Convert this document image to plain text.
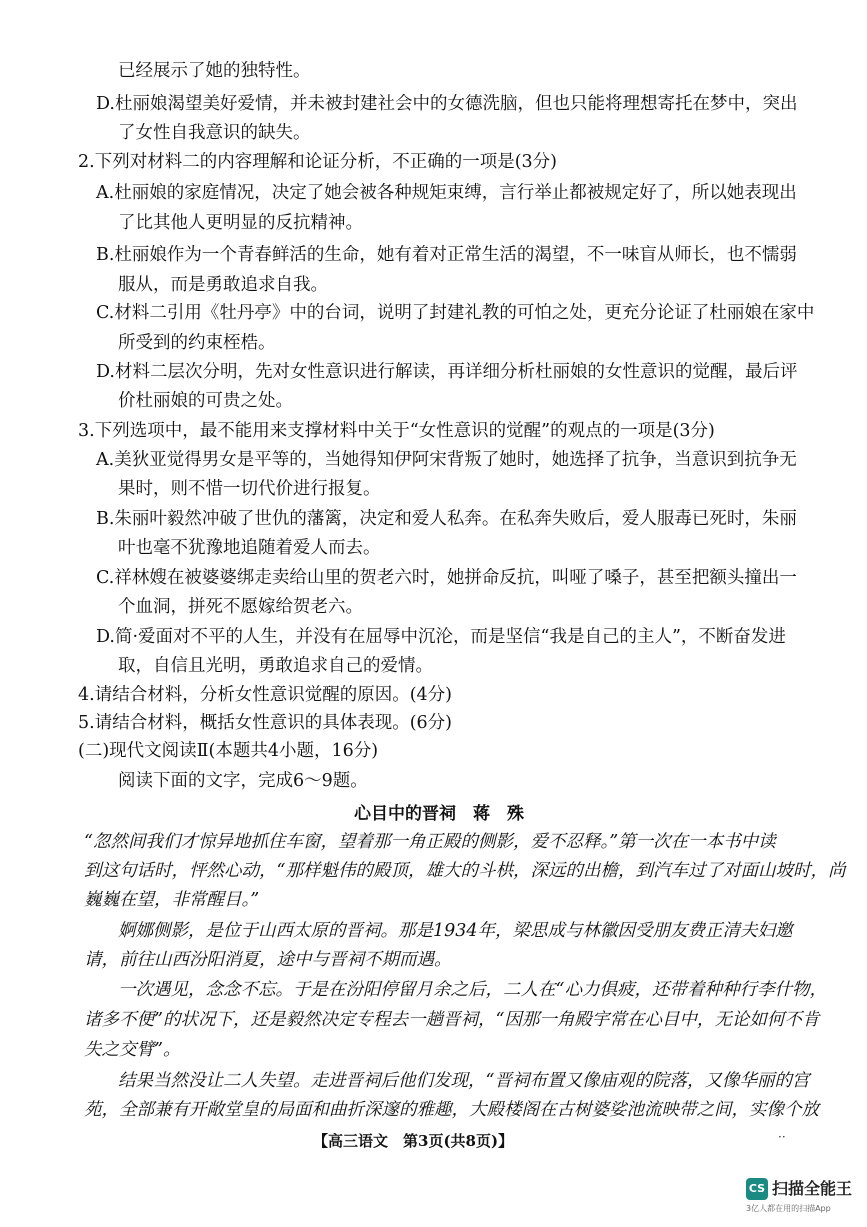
已经展示了她的独特性。
D.杜丽娘渴望美好爱情，并未被封建社会中的女德洗脑，但也只能将理想寄托在梦中，突出
了女性自我意识的缺失。
2.下列对材料二的内容理解和论证分析，不正确的一项是(3分)
A.杜丽娘的家庭情况，决定了她会被各种规矩束缚，言行举止都被规定好了，所以她表现出
了比其他人更明显的反抗精神。
B.杜丽娘作为一个青春鲜活的生命，她有着对正常生活的渴望，不一味盲从师长，也不懦弱
服从，而是勇敢追求自我。
C.材料二引用《牡丹亭》中的台词，说明了封建礼教的可怕之处，更充分论证了杜丽娘在家中
所受到的约束桎梏。
D.材料二层次分明，先对女性意识进行解读，再详细分析杜丽娘的女性意识的觉醒，最后评
价杜丽娘的可贵之处。
3.下列选项中，最不能用来支撑材料中关于“女性意识的觉醒”的观点的一项是(3分)
A.美狄亚觉得男女是平等的，当她得知伊阿宋背叛了她时，她选择了抗争，当意识到抗争无
果时，则不惜一切代价进行报复。
B.朱丽叶毅然冲破了世仇的藩篱，决定和爱人私奔。在私奔失败后，爱人服毒已死时，朱丽
叶也毫不犹豫地追随着爱人而去。
C.祥林嫂在被婆婆绑走卖给山里的贺老六时，她拼命反抗，叫哑了嗓子，甚至把额头撞出一
个血洞，拼死不愿嫁给贺老六。
D.简·爱面对不平的人生，并没有在屈辱中沉沦，而是坚信“我是自己的主人”，不断奋发进
取，自信且光明，勇敢追求自己的爱情。
4.请结合材料，分析女性意识觉醒的原因。(4分)
5.请结合材料，概括女性意识的具体表现。(6分)
(二)现代文阅读Ⅱ(本题共4小题，16分)
阅读下面的文字，完成6～9题。
心目中的晋祠　蒋　殊
“忽然间我们才惊异地抓住车窗，望着那一角正殿的侧影，爱不忍释。”第一次在一本书中读
到这句话时，怦然心动，“那样魁伟的殿顶，雄大的斗栱，深远的出檐，到汽车过了对面山坡时，尚
巍巍在望，非常醒目。”
婀娜侧影，是位于山西太原的晋祠。那是1934年，梁思成与林徽因受朋友费正清夫妇邀
请，前往山西汾阳消夏，途中与晋祠不期而遇。
一次遇见，念念不忘。于是在汾阳停留月余之后，二人在“心力俱疲，还带着种种行李什物，
诸多不便”的状况下，还是毅然决定专程去一趟晋祠，“因那一角殿宇常在心目中，无论如何不肯
失之交臂”。
结果当然没让二人失望。走进晋祠后他们发现，“晋祠布置又像庙观的院落，又像华丽的宫
苑，全部兼有开敞堂皇的局面和曲折深邃的雅趣，大殿楼阁在古树婆娑池流映带之间，实像个放
【高三语文　第3页(共8页)】	··
CS 扫描全能王
3亿人都在用的扫描App
